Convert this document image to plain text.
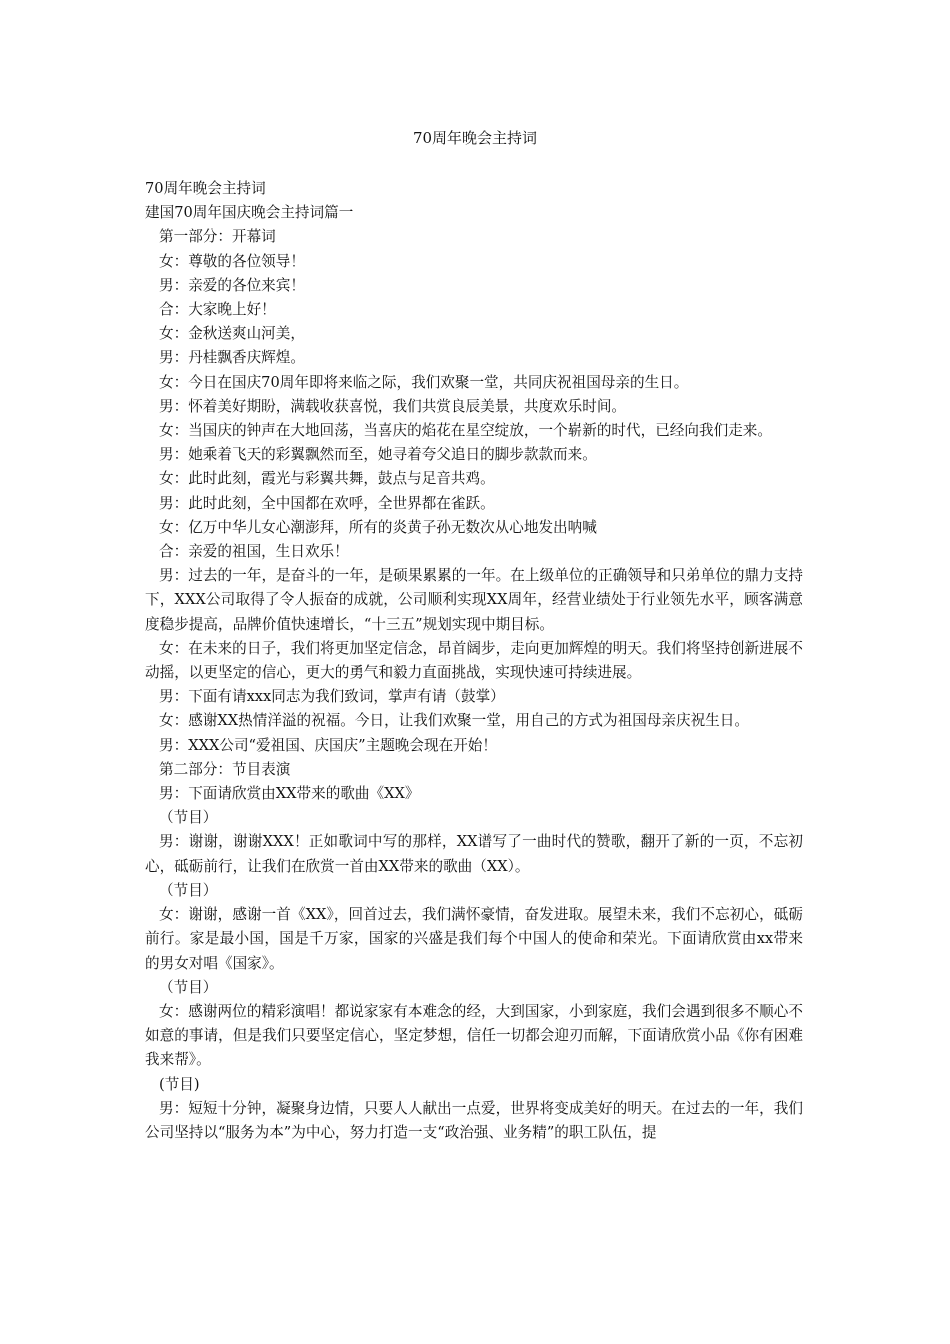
70周年晚会主持词

70周年晚会主持词

建国70周年国庆晚会主持词篇一

第一部分：开幕词

女：尊敬的各位领导！

男：亲爱的各位来宾！

合：大家晚上好！

女：金秋送爽山河美，

男：丹桂飘香庆辉煌。

女：今日在国庆70周年即将来临之际，我们欢聚一堂，共同庆祝祖国母亲的生日。

男：怀着美好期盼，满载收获喜悦，我们共赏良辰美景，共度欢乐时间。

女：当国庆的钟声在大地回荡，当喜庆的焰花在星空绽放，一个崭新的时代，已经向我们走来。

男：她乘着飞天的彩翼飘然而至，她寻着夸父追日的脚步款款而来。

女：此时此刻，霞光与彩翼共舞，鼓点与足音共鸡。

男：此时此刻，全中国都在欢呼，全世界都在雀跃。

女：亿万中华儿女心潮澎拜，所有的炎黄子孙无数次从心地发出呐喊

合：亲爱的祖国，生日欢乐！

男：过去的一年，是奋斗的一年，是硕果累累的一年。在上级单位的正确领导和只弟单位的鼎力支持下，XXX公司取得了令人振奋的成就，公司顺利实现XX周年，经营业绩处于行业领先水平，顾客满意度稳步提高，品牌价值快速增长，“十三五”规划实现中期目标。

女：在未来的日子，我们将更加坚定信念，昂首阔步，走向更加辉煌的明天。我们将坚持创新进展不动摇，以更坚定的信心，更大的勇气和毅力直面挑战，实现快速可持续进展。

男：下面有请xxx同志为我们致词，掌声有请（鼓掌）

女：感谢XX热情洋溢的祝福。今日，让我们欢聚一堂，用自己的方式为祖国母亲庆祝生日。

男：XXX公司“爱祖国、庆国庆”主题晚会现在开始！

第二部分：节目表演

男：下面请欣赏由XX带来的歌曲《XX》

（节目）

男：谢谢，谢谢XXX！正如歌词中写的那样，XX谱写了一曲时代的赞歌，翻开了新的一页，不忘初心，砥砺前行，让我们在欣赏一首由XX带来的歌曲（XX）。

（节目）

女：谢谢，感谢一首《XX》，回首过去，我们满怀豪情，奋发进取。展望未来，我们不忘初心，砥砺前行。家是最小国，国是千万家，国家的兴盛是我们每个中国人的使命和荣光。下面请欣赏由xx带来的男女对唱《国家》。

（节目）

女：感谢两位的精彩演唱！都说家家有本难念的经，大到国家，小到家庭，我们会遇到很多不顺心不如意的事请，但是我们只要坚定信心，坚定梦想，信任一切都会迎刃而解，下面请欣赏小品《你有困难我来帮》。

(节目)

男：短短十分钟，凝聚身边情，只要人人献出一点爱，世界将变成美好的明天。在过去的一年，我们公司坚持以“服务为本”为中心，努力打造一支“政治强、业务精”的职工队伍，提
